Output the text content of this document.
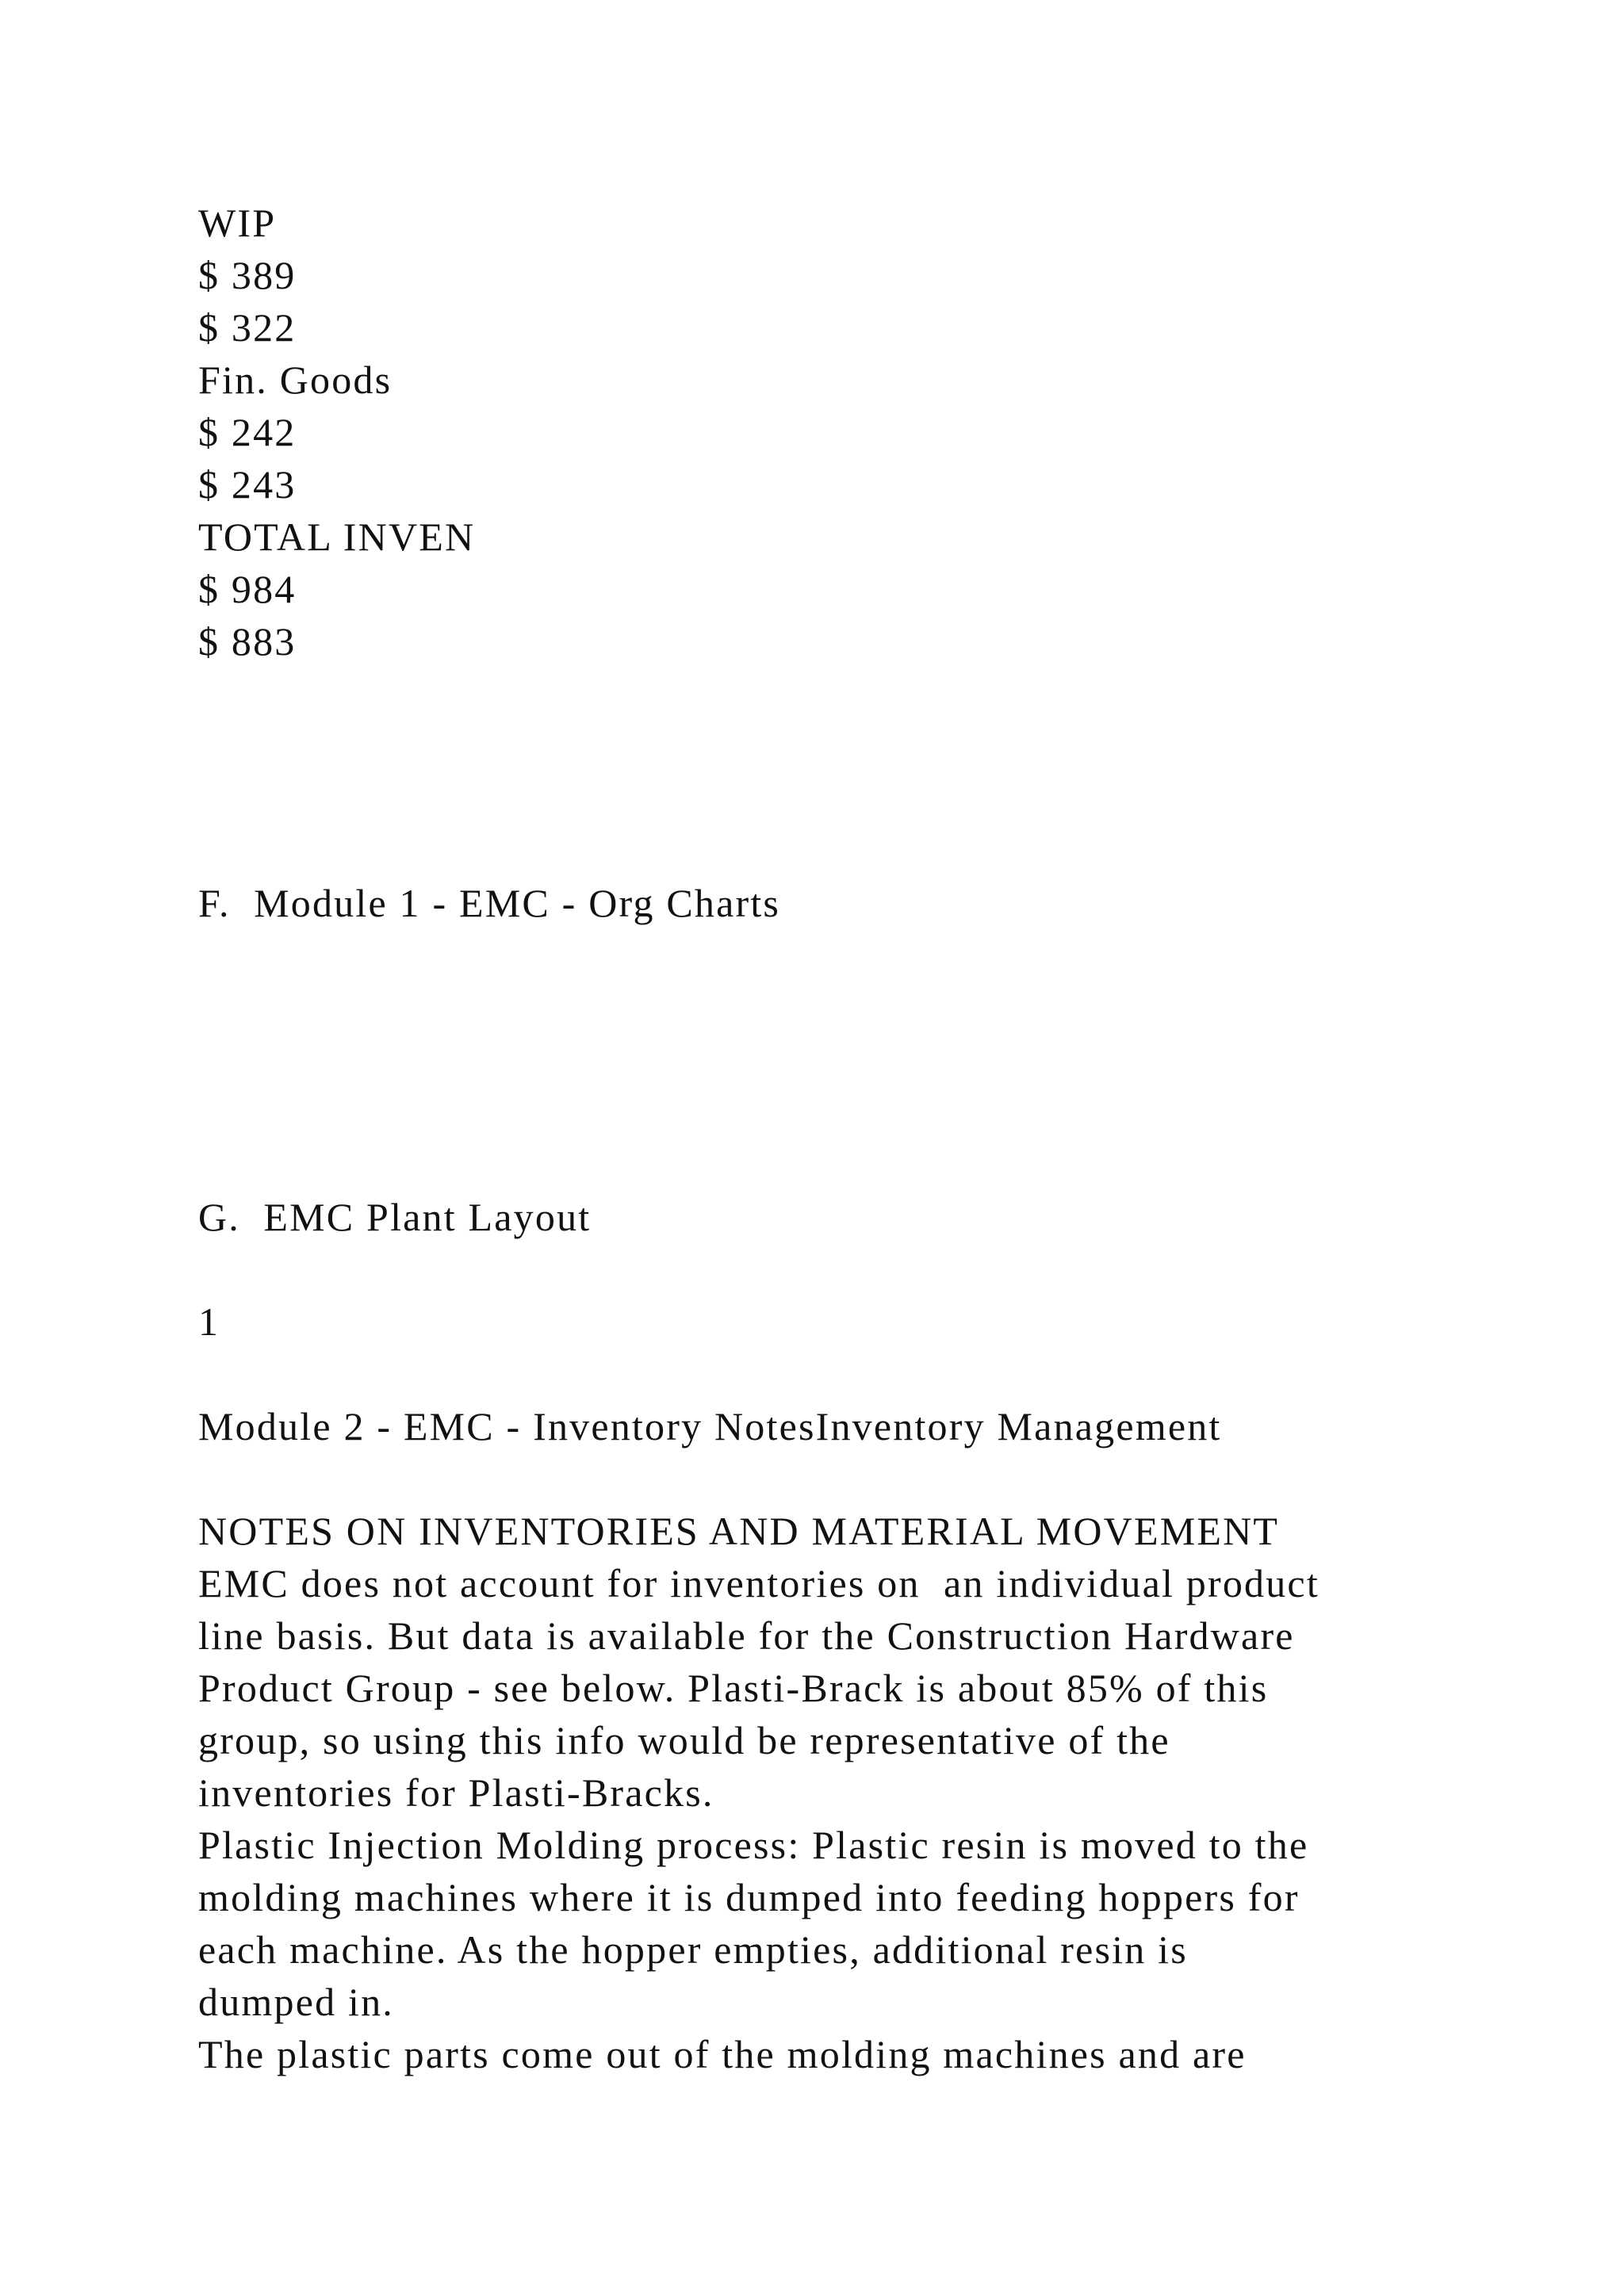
WIP

$ 389

$ 322

Fin. Goods

$ 242

$ 243

TOTAL INVEN

$ 984

$ 883

F.  Module 1 - EMC - Org Charts

G.  EMC Plant Layout

1

Module 2 - EMC - Inventory NotesInventory Management

NOTES ON INVENTORIES AND MATERIAL MOVEMENT

EMC does not account for inventories on  an individual product

line basis. But data is available for the Construction Hardware

Product Group - see below. Plasti-Brack is about 85% of this

group, so using this info would be representative of the

inventories for Plasti-Bracks.

Plastic Injection Molding process: Plastic resin is moved to the

molding machines where it is dumped into feeding hoppers for

each machine. As the hopper empties, additional resin is

dumped in.

The plastic parts come out of the molding machines and are
